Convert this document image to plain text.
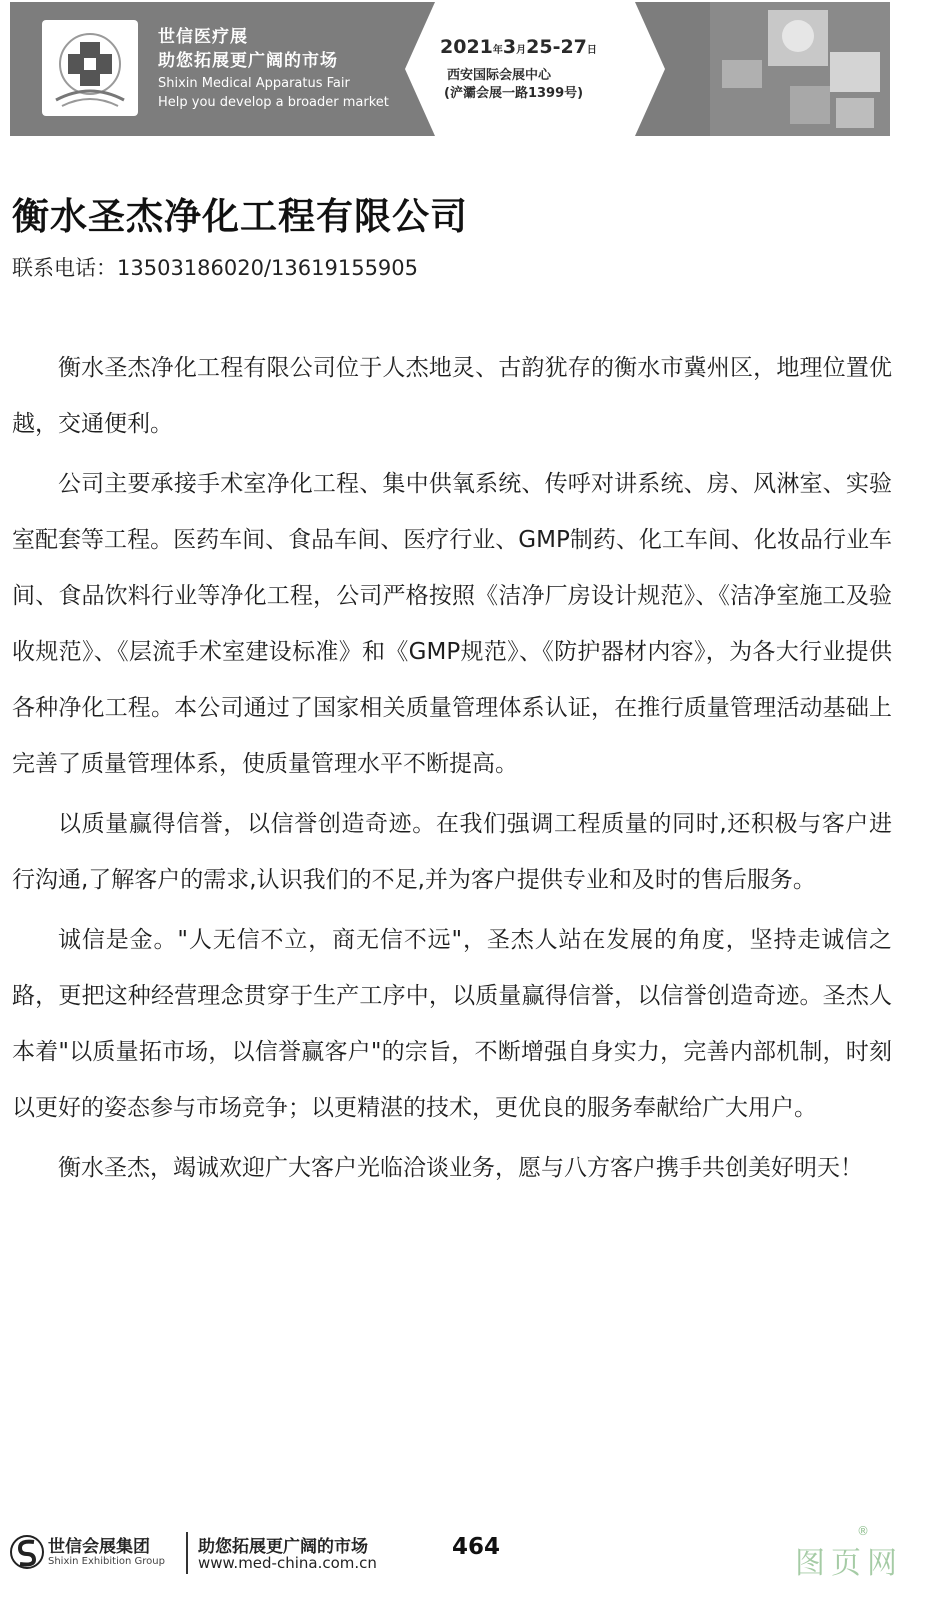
世信医疗展
助您拓展更广阔的市场
Shixin Medical Apparatus Fair
Help you develop a broader market
2021年3月25-27日
西安国际会展中心
(浐灞会展一路1399号)
衡水圣杰净化工程有限公司
联系电话：13503186020/13619155905

衡水圣杰净化工程有限公司位于人杰地灵、古韵犹存的衡水市冀州区，地理位置优越，交通便利。

公司主要承接手术室净化工程、集中供氧系统、传呼对讲系统、房、风淋室、实验室配套等工程。医药车间、食品车间、医疗行业、GMP制药、化工车间、化妆品行业车间、食品饮料行业等净化工程，公司严格按照《洁净厂房设计规范》、《洁净室施工及验收规范》、《层流手术室建设标准》和《GMP规范》、《防护器材内容》，为各大行业提供各种净化工程。本公司通过了国家相关质量管理体系认证，在推行质量管理活动基础上完善了质量管理体系，使质量管理水平不断提高。

以质量赢得信誉，以信誉创造奇迹。在我们强调工程质量的同时,还积极与客户进行沟通,了解客户的需求,认识我们的不足,并为客户提供专业和及时的售后服务。

诚信是金。"人无信不立，商无信不远"，圣杰人站在发展的角度，坚持走诚信之路，更把这种经营理念贯穿于生产工序中，以质量赢得信誉，以信誉创造奇迹。圣杰人本着"以质量拓市场，以信誉赢客户"的宗旨，不断增强自身实力，完善内部机制，时刻以更好的姿态参与市场竞争；以更精湛的技术，更优良的服务奉献给广大用户。

衡水圣杰，竭诚欢迎广大客户光临洽谈业务，愿与八方客户携手共创美好明天！

世信会展集团
Shixin Exhibition Group
助您拓展更广阔的市场
www.med-china.com.cn
464	图页网
®
